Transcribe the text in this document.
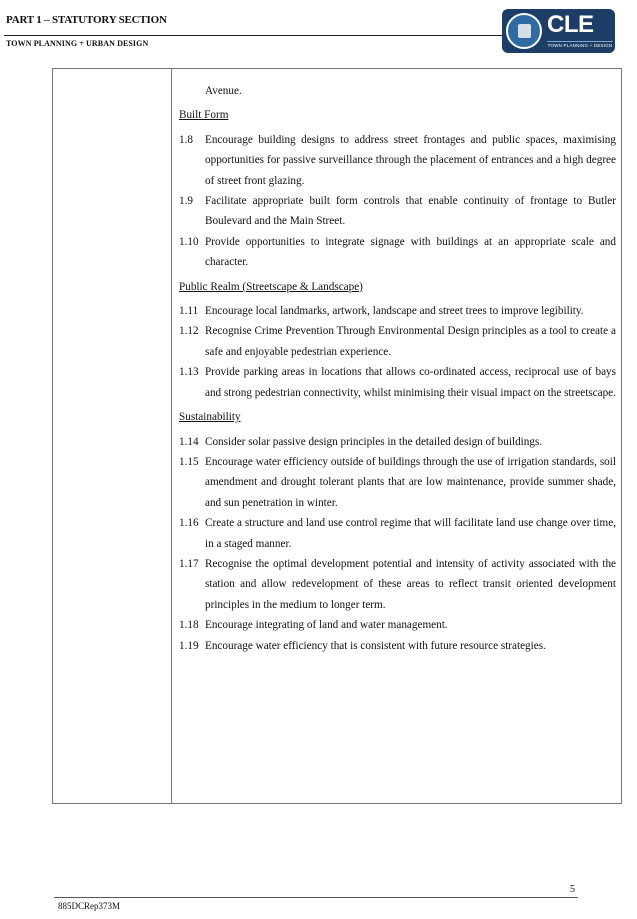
PART 1 – STATUTORY SECTION
TOWN PLANNING + URBAN DESIGN
CLE
TOWN PLANNING + DESIGN

Avenue.

Built Form

1.8 Encourage building designs to address street frontages and public spaces, maximising opportunities for passive surveillance through the placement of entrances and a high degree of street front glazing.
1.9 Facilitate appropriate built form controls that enable continuity of frontage to Butler Boulevard and the Main Street.
1.10 Provide opportunities to integrate signage with buildings at an appropriate scale and character.

Public Realm (Streetscape & Landscape)

1.11 Encourage local landmarks, artwork, landscape and street trees to improve legibility.
1.12 Recognise Crime Prevention Through Environmental Design principles as a tool to create a safe and enjoyable pedestrian experience.
1.13 Provide parking areas in locations that allows co-ordinated access, reciprocal use of bays and strong pedestrian connectivity, whilst minimising their visual impact on the streetscape.

Sustainability

1.14 Consider solar passive design principles in the detailed design of buildings.
1.15 Encourage water efficiency outside of buildings through the use of irrigation standards, soil amendment and drought tolerant plants that are low maintenance, provide summer shade, and sun penetration in winter.
1.16 Create a structure and land use control regime that will facilitate land use change over time, in a staged manner.
1.17 Recognise the optimal development potential and intensity of activity associated with the station and allow redevelopment of these areas to reflect transit oriented development principles in the medium to longer term.
1.18 Encourage integrating of land and water management.
1.19 Encourage water efficiency that is consistent with future resource strategies.
5
885DCRep373M
